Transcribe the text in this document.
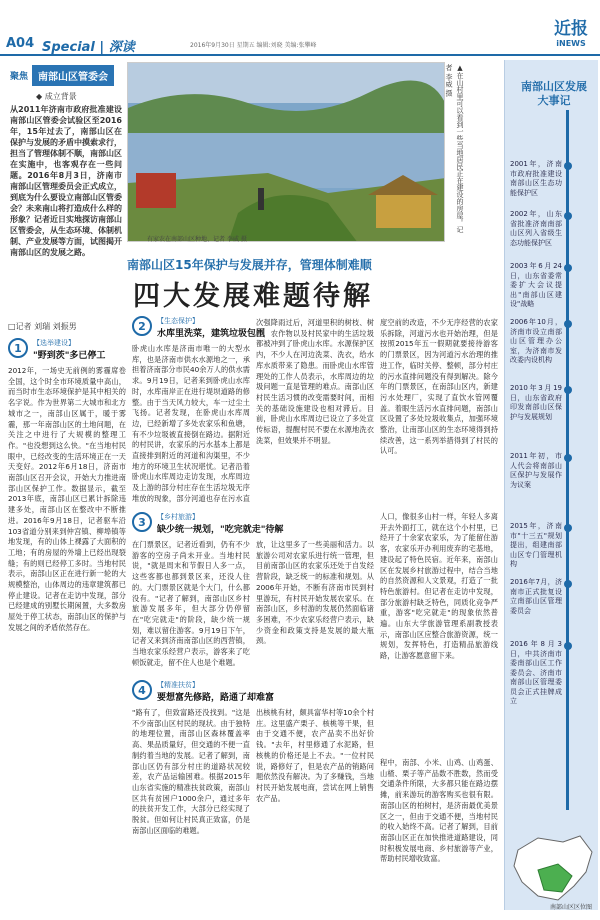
A04 Special | 深读	2016年9月30日 星期五 编辑:刘晓 美编:张攀峰
近报
iNEWS
聚焦	南部山区管委会
◆ 成立背景
从2011年济南市政府批准建设南部山区管委会试验区至2016年，15年过去了，南部山区在保护与发展的矛盾中摸索求行，担当了管理体制不顺，南部山区在实施中，也客观存在一些问题。2016年8月3日，济南市南部山区管理委员会正式成立，到底为什么要设立南部山区管委会？未来南山将打造成什么样的形象？记者近日实地探访南部山区管委会，从生态环境、体制机制、产业发展等方面，试图揭开南部山区的发展之路。
有家农在南部山区种地、记者 李威 摄
▲在山村里可以看到一些当地居民正在建设的房屋。记者 李威 摄
南部山区15年保护与发展并存，管理体制难顺
四大发展难题待解
□记者 刘瑞 刘振男
1	【选举建设】
"野到茨"多已停工
2012年，一场史无前例的雾霾席卷全国，这个时全市环境质量中高山，而当时市生态环境保护是其中相关的名字说。作为世界第二大城市和北方城市之一，南部山区属于，暖于雾霾，那一年南部山区的土地问题，在关注之中进行了大规模的整理工作。"也没想到这么快。"在当地村民眼中，已经改变的生活环境正在一天天变好。2012年6月18日，济南市南部山区召开会议，开始大力推进南部山区保护工作。数据显示，截至2013年底，南部山区已累计拆除违建多处，南部山区在整改中不断推进。2016年9月18日，记者驱车沿103省道分别来到仲宫镇、柳埠镇等地发现，有的山体上裸露了大面积的工地；有的房屋的外墙上已经出现裂缝；有的则已经停工多时。当地村民表示，南部山区正在进行新一轮的大规模整治，山体周边的违章建筑都已停止建设。记者在走访中发现，部分已经建成的别墅长期闲置，大多数房屋处于停工状态，南部山区的保护与发展之间的矛盾依然存在。
2	【生态保护】
水库里洗菜，建筑垃圾包围
卧虎山水库是济南市唯一的大型水库，也是济南市供水水源地之一，承担着济南部分市民40余万人的供水需求。9月19日，记者来到卧虎山水库时，水库南岸正在进行堤坝道路的修整。由于当天风力较大，车一过尘土飞扬。记者发现，在卧虎山水库周边，已经新增了多处农家乐和鱼塘，有不少垃圾被直接倒在路边。据附近的村民讲，农家乐的污水基本上都是直接排到附近的河道和沟渠里，不少地方的环境卫生状况堪忧。记者沿着卧虎山水库周边走访发现，水库周边及上游的部分村庄存在生活垃圾无序堆放的现象，部分河道也存在污水直
次强降雨过后，河道里积的树枝、树叶，农作物以及村民家中的生活垃圾都被冲到了卧虎山水库。水源保护区内，不少人在河边洗菜、洗衣，给水库水质带来了隐患。而卧虎山水库管理处的工作人员表示，水库周边的垃圾问题一直是管理的难点。南部山区村民生活习惯的改变需要时间，而相关的基础设施建设也相对滞后。目前，卧虎山水库周边已设立了多处宣传标语，提醒村民不要在水源地洗衣洗菜，但效果并不明显。
度空前的改造，不少无序经营的农家乐拆除，河道污水也开始治理，但是按照2015年五一假期就要接待游客的门票景区，因为河道污水治理的推进工作，临时关停、整顿，部分村庄的污水直排问题没有得到解决。除今年的门票景区，在南部山区内，新建污水处理厂，实现了直饮水管网覆盖。着眼生活污水直排问题，南部山区设置了多处垃圾收集点，加强环境整治，让南部山区的生态环境得到持续改善，这一系列举措得到了村民的认可。
3	【乡村旅游】
缺少统一规划，"吃完就走"待解
在门票景区，记者近看到，仍有不少游客的空房子尚未开业。当地村民说，"就是周末和节假日人多一点，这些客都也都到景区来，还没人住的。大门票景区就是个大门，什么都没有。"记者了解到，南部山区乡村旅游发展多年，但大部分仍停留在"吃完就走"的阶段，缺少统一规划，难以留住游客。9月19日下午，记者又来到济南南部山区的西营镇，当地农家乐经营户表示，游客来了吃顿饭就走，留不住人也是个难题。
放，让这里多了一些美丽和活力。以旅游公司对农家乐进行统一管理，但目前南部山区的农家乐还处于自发经营阶段，缺乏统一的标准和规划。从2006年开始，不断有济南市民到村里游玩，有村民开始发展农家乐。在南部山区，乡村游的发展仍然面临诸多困难，不少农家乐经营户表示，缺少资金和政策支持是发展的最大瓶颈。
人口，像很多山村一样，年轻人多离开去外面打工，就在这个小村里，已经开了十余家农家乐，为了能留住游客，农家乐开办利用废弃的宅基地，建设起了特色民宿。近年来，南部山区在发展乡村旅游过程中，结合当地的自然资源和人文景观，打造了一批特色旅游村。但记者在走访中发现，部分旅游村缺乏特色，同质化竞争严重，游客"吃完就走"的现象依然普遍。山东大学旅游管理系副教授表示，南部山区应整合旅游资源，统一规划，发挥特色，打造精品旅游线路，让游客愿意留下来。
4	【精准扶贫】
要想富先修路，路通了却难富
"路有了，但致富路还没找到。"这是不少南部山区村民的现状。由于独特的地理位置，南部山区森林覆盖率高、果品质量好，但交通的不便一直制约着当地的发展。记者了解到，南部山区仍有部分村庄的道路状况较差，农产品运输困难。根据2015年山东省实施的精准扶贫政策，南部山区共有贫困户1000余户，通过多年的扶贫开发工作，大部分已经实现了脱贫。但如何让村民真正致富，仍是南部山区面临的难题。
出核桃有材，颇具富华村等10余个村庄。这里盛产栗子、核桃等干果，但由于交通不便，农产品卖不出好价钱。"去年，村里修通了水泥路，但核桃的价格还是上不去。"一位村民说，路修好了，但是农产品的销路问题依然没有解决。为了多赚钱，当地村民开始发展电商，尝试在网上销售农产品。
程中，南部、小米、山鸡、山鸡蛋、山楂、栗子等产品数不胜数，然而受交通条件所限，大多都只能在路边摆摊，前来游玩的游客购买也很有限。南部山区的柏树村，是济南最优美景区之一，但由于交通不便，当地村民的收入始终不高。记者了解到，目前南部山区正在加快推进道路建设，同时积极发展电商、乡村旅游等产业，帮助村民增收致富。
南部山区发展大事记
2001年，济南市政府批准建设南部山区生态功能保护区
2002年，山东省批准济南南部山区列入省级生态功能保护区
2003年6月24日，山东省委常委扩大会议提出"南部山区建设"战略
2006年10月，济南市设立南部山区管理办公室，为济南市发改委内设机构
2010年3月19日，山东省政府印发南部山区保护与发展规划
2011年初，市人代会将南部山区保护与发展作为议案
2015年，济南市"十三五"规划提出，组建南部山区专门管理机构
2016年7月，济南市正式批复设立南部山区管理委员会
2016年8月3日，中共济南市委南部山区工作委员会、济南市南部山区管理委员会正式挂牌成立
南部山区区位图
